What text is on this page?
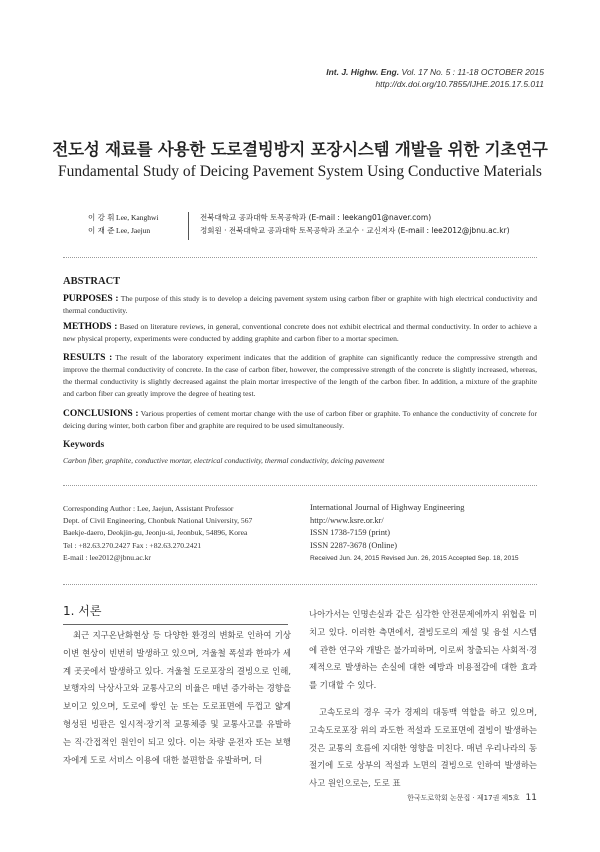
Int. J. Highw. Eng. Vol. 17 No. 5 : 11-18 OCTOBER 2015
http://dx.doi.org/10.7855/IJHE.2015.17.5.011
전도성 재료를 사용한 도로결빙방지 포장시스템 개발을 위한 기초연구
Fundamental Study of Deicing Pavement System Using Conductive Materials
이 강 휘 Lee, Kanghwi	전북대학교 공과대학 토목공학과 (E-mail : leekang01@naver.com)
이 재 준 Lee, Jaejun	정회원 · 전북대학교 공과대학 토목공학과 조교수 · 교신저자 (E-mail : lee2012@jbnu.ac.kr)
ABSTRACT
PURPOSES : The purpose of this study is to develop a deicing pavement system using carbon fiber or graphite with high electrical conductivity and thermal conductivity.
METHODS : Based on literature reviews, in general, conventional concrete does not exhibit electrical and thermal conductivity. In order to achieve a new physical property, experiments were conducted by adding graphite and carbon fiber to a mortar specimen.
RESULTS : The result of the laboratory experiment indicates that the addition of graphite can significantly reduce the compressive strength and improve the thermal conductivity of concrete. In the case of carbon fiber, however, the compressive strength of the concrete is slightly increased, whereas, the thermal conductivity is slightly decreased against the plain mortar irrespective of the length of the carbon fiber. In addition, a mixture of the graphite and carbon fiber can greatly improve the degree of heating test.
CONCLUSIONS : Various properties of cement mortar change with the use of carbon fiber or graphite. To enhance the conductivity of concrete for deicing during winter, both carbon fiber and graphite are required to be used simultaneously.
Keywords
Carbon fiber, graphite, conductive mortar, electrical conductivity, thermal conductivity, deicing pavement
Corresponding Author : Lee, Jaejun, Assistant Professor
Dept. of Civil Engineering, Chonbuk National University, 567
Baekje-daero, Deokjin-gu, Jeonju-si, Jeonbuk, 54896, Korea
Tel : +82.63.270.2427 Fax : +82.63.270.2421
E-mail : lee2012@jbnu.ac.kr
International Journal of Highway Engineering
http://www.ksre.or.kr/
ISSN 1738-7159 (print)
ISSN 2287-3678 (Online)
Received Jun. 24, 2015 Revised Jun. 26, 2015 Accepted Sep. 18, 2015
1. 서론

최근 지구온난화현상 등 다양한 환경의 변화로 인하여 기상이변 현상이 빈번히 발생하고 있으며, 겨울철 폭설과 한파가 세계 곳곳에서 발생하고 있다. 겨울철 도로포장의 결빙으로 인해, 보행자의 낙상사고와 교통사고의 비율은 매년 증가하는 경향을 보이고 있으며, 도로에 쌓인 눈 또는 도로표면에 두껍고 얇게 형성된 빙판은 일시적·장기적 교통체증 및 교통사고를 유발하는 직·간접적인 원인이 되고 있다. 이는 차량 운전자 또는 보행자에게 도로 서비스 이용에 대한 불편함을 유발하며, 더

나아가서는 인명손실과 같은 심각한 안전문제에까지 위협을 미치고 있다. 이러한 측면에서, 결빙도로의 제설 및 융설 시스템에 관한 연구와 개발은 불가피하며, 이로써 창출되는 사회적·경제적으로 발생하는 손실에 대한 예방과 비용절감에 대한 효과를 기대할 수 있다.

고속도로의 경우 국가 경제의 대동맥 역할을 하고 있으며, 고속도로포장 위의 과도한 적설과 도로표면에 결빙이 발생하는 것은 교통의 흐름에 지대한 영향을 미친다. 매년 우리나라의 동절기에 도로 상부의 적설과 노면의 결빙으로 인하여 발생하는 사고 원인으로는, 도로 표

한국도로학회 논문집 · 제17권 제5호 11
